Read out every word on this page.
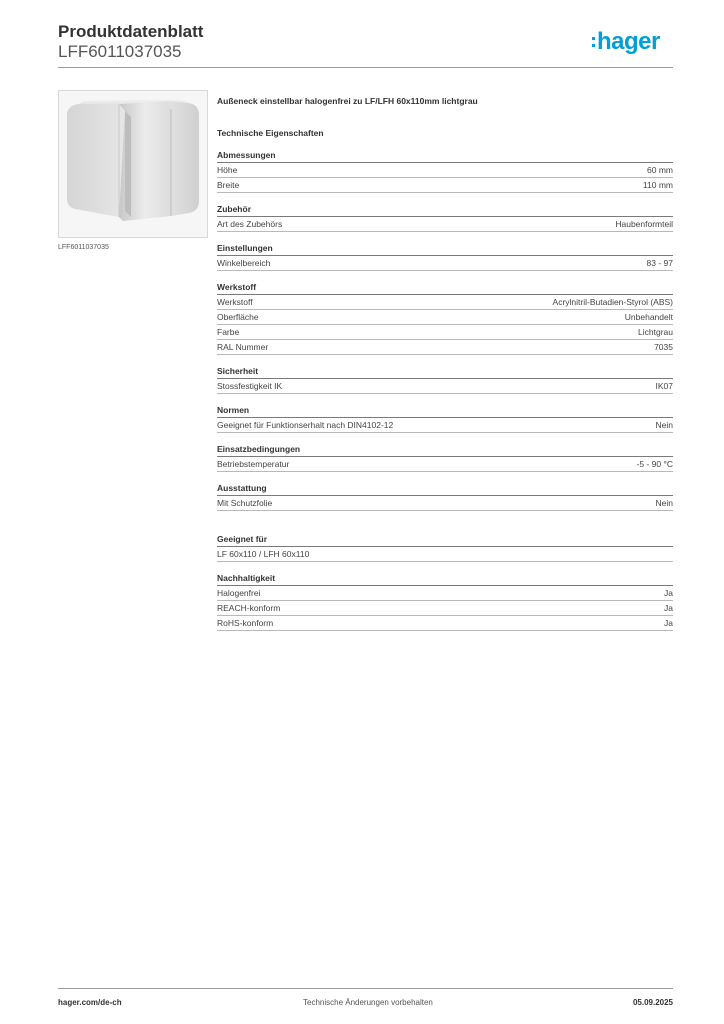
Produktdatenblatt
LFF6011037035	hager
LFF6011037035
Außeneck einstellbar halogenfrei zu LF/LFH 60x110mm lichtgrau
Technische Eigenschaften
Abmessungen
Höhe	60 mm
Breite	110 mm
Zubehör
Art des Zubehörs	Haubenformteil
Einstellungen
Winkelbereich	83 - 97
Werkstoff
Werkstoff	Acrylnitril-Butadien-Styrol (ABS)
Oberfläche	Unbehandelt
Farbe	Lichtgrau
RAL Nummer	7035
Sicherheit
Stossfestigkeit IK	IK07
Normen
Geeignet für Funktionserhalt nach DIN4102-12	Nein
Einsatzbedingungen
Betriebstemperatur	-5 - 90 °C
Ausstattung
Mit Schutzfolie	Nein
Geeignet für
LF 60x110 / LFH 60x110
Nachhaltigkeit
Halogenfrei	Ja
REACH-konform	Ja
RoHS-konform	Ja
hager.com/de-ch	Technische Änderungen vorbehalten	05.09.2025
